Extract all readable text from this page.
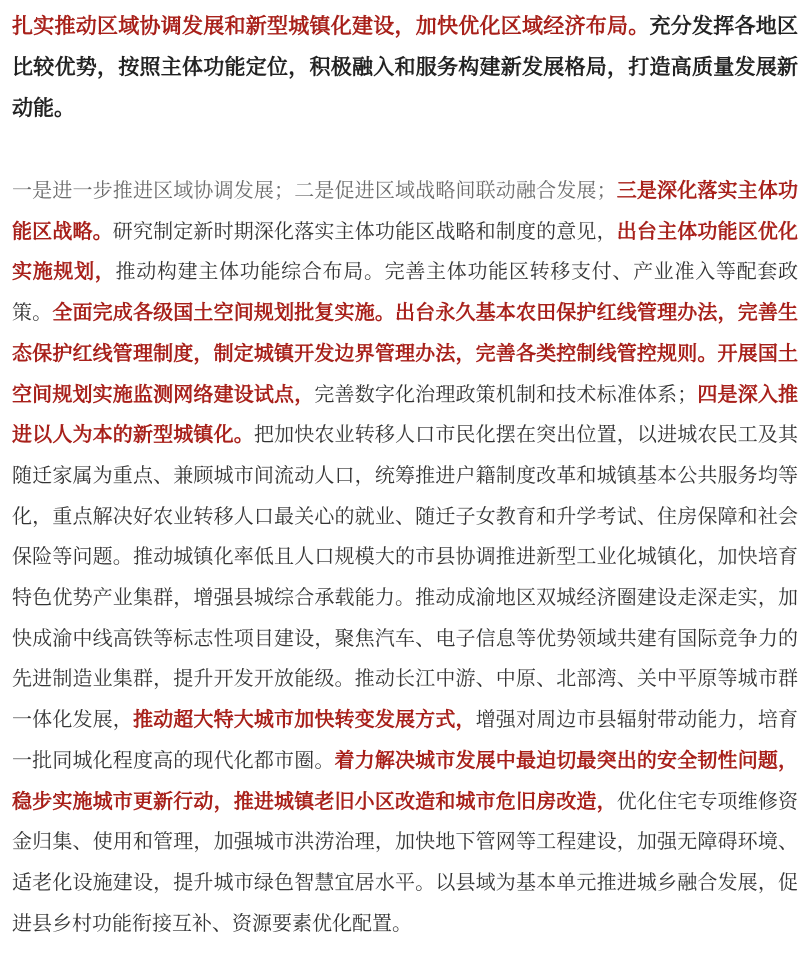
扎实推动区域协调发展和新型城镇化建设，加快优化区域经济布局。充分发挥各地区比较优势，按照主体功能定位，积极融入和服务构建新发展格局，打造高质量发展新动能。

一是进一步推进区域协调发展；二是促进区域战略间联动融合发展；三是深化落实主体功能区战略。研究制定新时期深化落实主体功能区战略和制度的意见，出台主体功能区优化实施规划，推动构建主体功能综合布局。完善主体功能区转移支付、产业准入等配套政策。全面完成各级国土空间规划批复实施。出台永久基本农田保护红线管理办法，完善生态保护红线管理制度，制定城镇开发边界管理办法，完善各类控制线管控规则。开展国土空间规划实施监测网络建设试点，完善数字化治理政策机制和技术标准体系；四是深入推进以人为本的新型城镇化。把加快农业转移人口市民化摆在突出位置，以进城农民工及其随迁家属为重点、兼顾城市间流动人口，统筹推进户籍制度改革和城镇基本公共服务均等化，重点解决好农业转移人口最关心的就业、随迁子女教育和升学考试、住房保障和社会保险等问题。推动城镇化率低且人口规模大的市县协调推进新型工业化城镇化，加快培育特色优势产业集群，增强县城综合承载能力。推动成渝地区双城经济圈建设走深走实，加快成渝中线高铁等标志性项目建设，聚焦汽车、电子信息等优势领域共建有国际竞争力的先进制造业集群，提升开发开放能级。推动长江中游、中原、北部湾、关中平原等城市群一体化发展，推动超大特大城市加快转变发展方式，增强对周边市县辐射带动能力，培育一批同城化程度高的现代化都市圈。着力解决城市发展中最迫切最突出的安全韧性问题，稳步实施城市更新行动，推进城镇老旧小区改造和城市危旧房改造，优化住宅专项维修资金归集、使用和管理，加强城市洪涝治理，加快地下管网等工程建设，加强无障碍环境、适老化设施建设，提升城市绿色智慧宜居水平。以县域为基本单元推进城乡融合发展，促进县乡村功能衔接互补、资源要素优化配置。
